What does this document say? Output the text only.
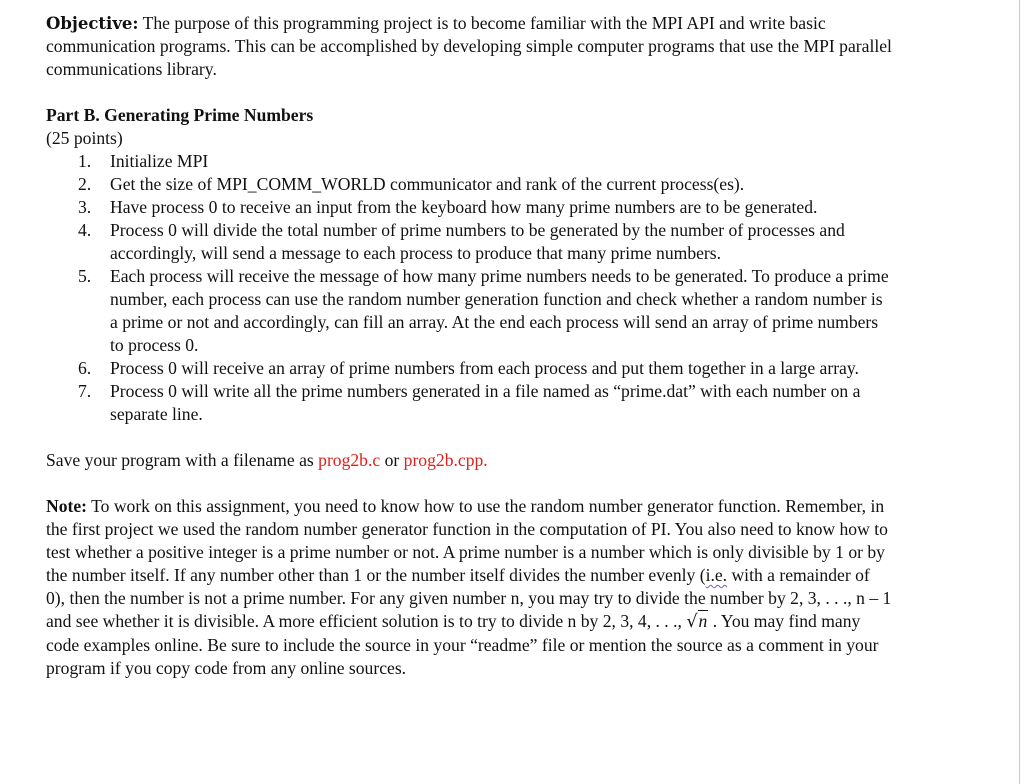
Objective: The purpose of this programming project is to become familiar with the MPI API and write basic communication programs. This can be accomplished by developing simple computer programs that use the MPI parallel communications library.

Part B. Generating Prime Numbers

(25 points)

1. Initialize MPI
2. Get the size of MPI_COMM_WORLD communicator and rank of the current process(es).
3. Have process 0 to receive an input from the keyboard how many prime numbers are to be generated.
4. Process 0 will divide the total number of prime numbers to be generated by the number of processes and accordingly, will send a message to each process to produce that many prime numbers.
5. Each process will receive the message of how many prime numbers needs to be generated. To produce a prime number, each process can use the random number generation function and check whether a random number is a prime or not and accordingly, can fill an array. At the end each process will send an array of prime numbers to process 0.
6. Process 0 will receive an array of prime numbers from each process and put them together in a large array.
7. Process 0 will write all the prime numbers generated in a file named as “prime.dat” with each number on a separate line.

Save your program with a filename as prog2b.c or prog2b.cpp.

Note: To work on this assignment, you need to know how to use the random number generator function. Remember, in the first project we used the random number generator function in the computation of PI. You also need to know how to test whether a positive integer is a prime number or not. A prime number is a number which is only divisible by 1 or by the number itself. If any number other than 1 or the number itself divides the number evenly (i.e. with a remainder of 0), then the number is not a prime number. For any given number n, you may try to divide the number by 2, 3, . . ., n – 1 and see whether it is divisible. A more efficient solution is to try to divide n by 2, 3, 4, . . ., √n . You may find many code examples online. Be sure to include the source in your “readme” file or mention the source as a comment in your program if you copy code from any online sources.
